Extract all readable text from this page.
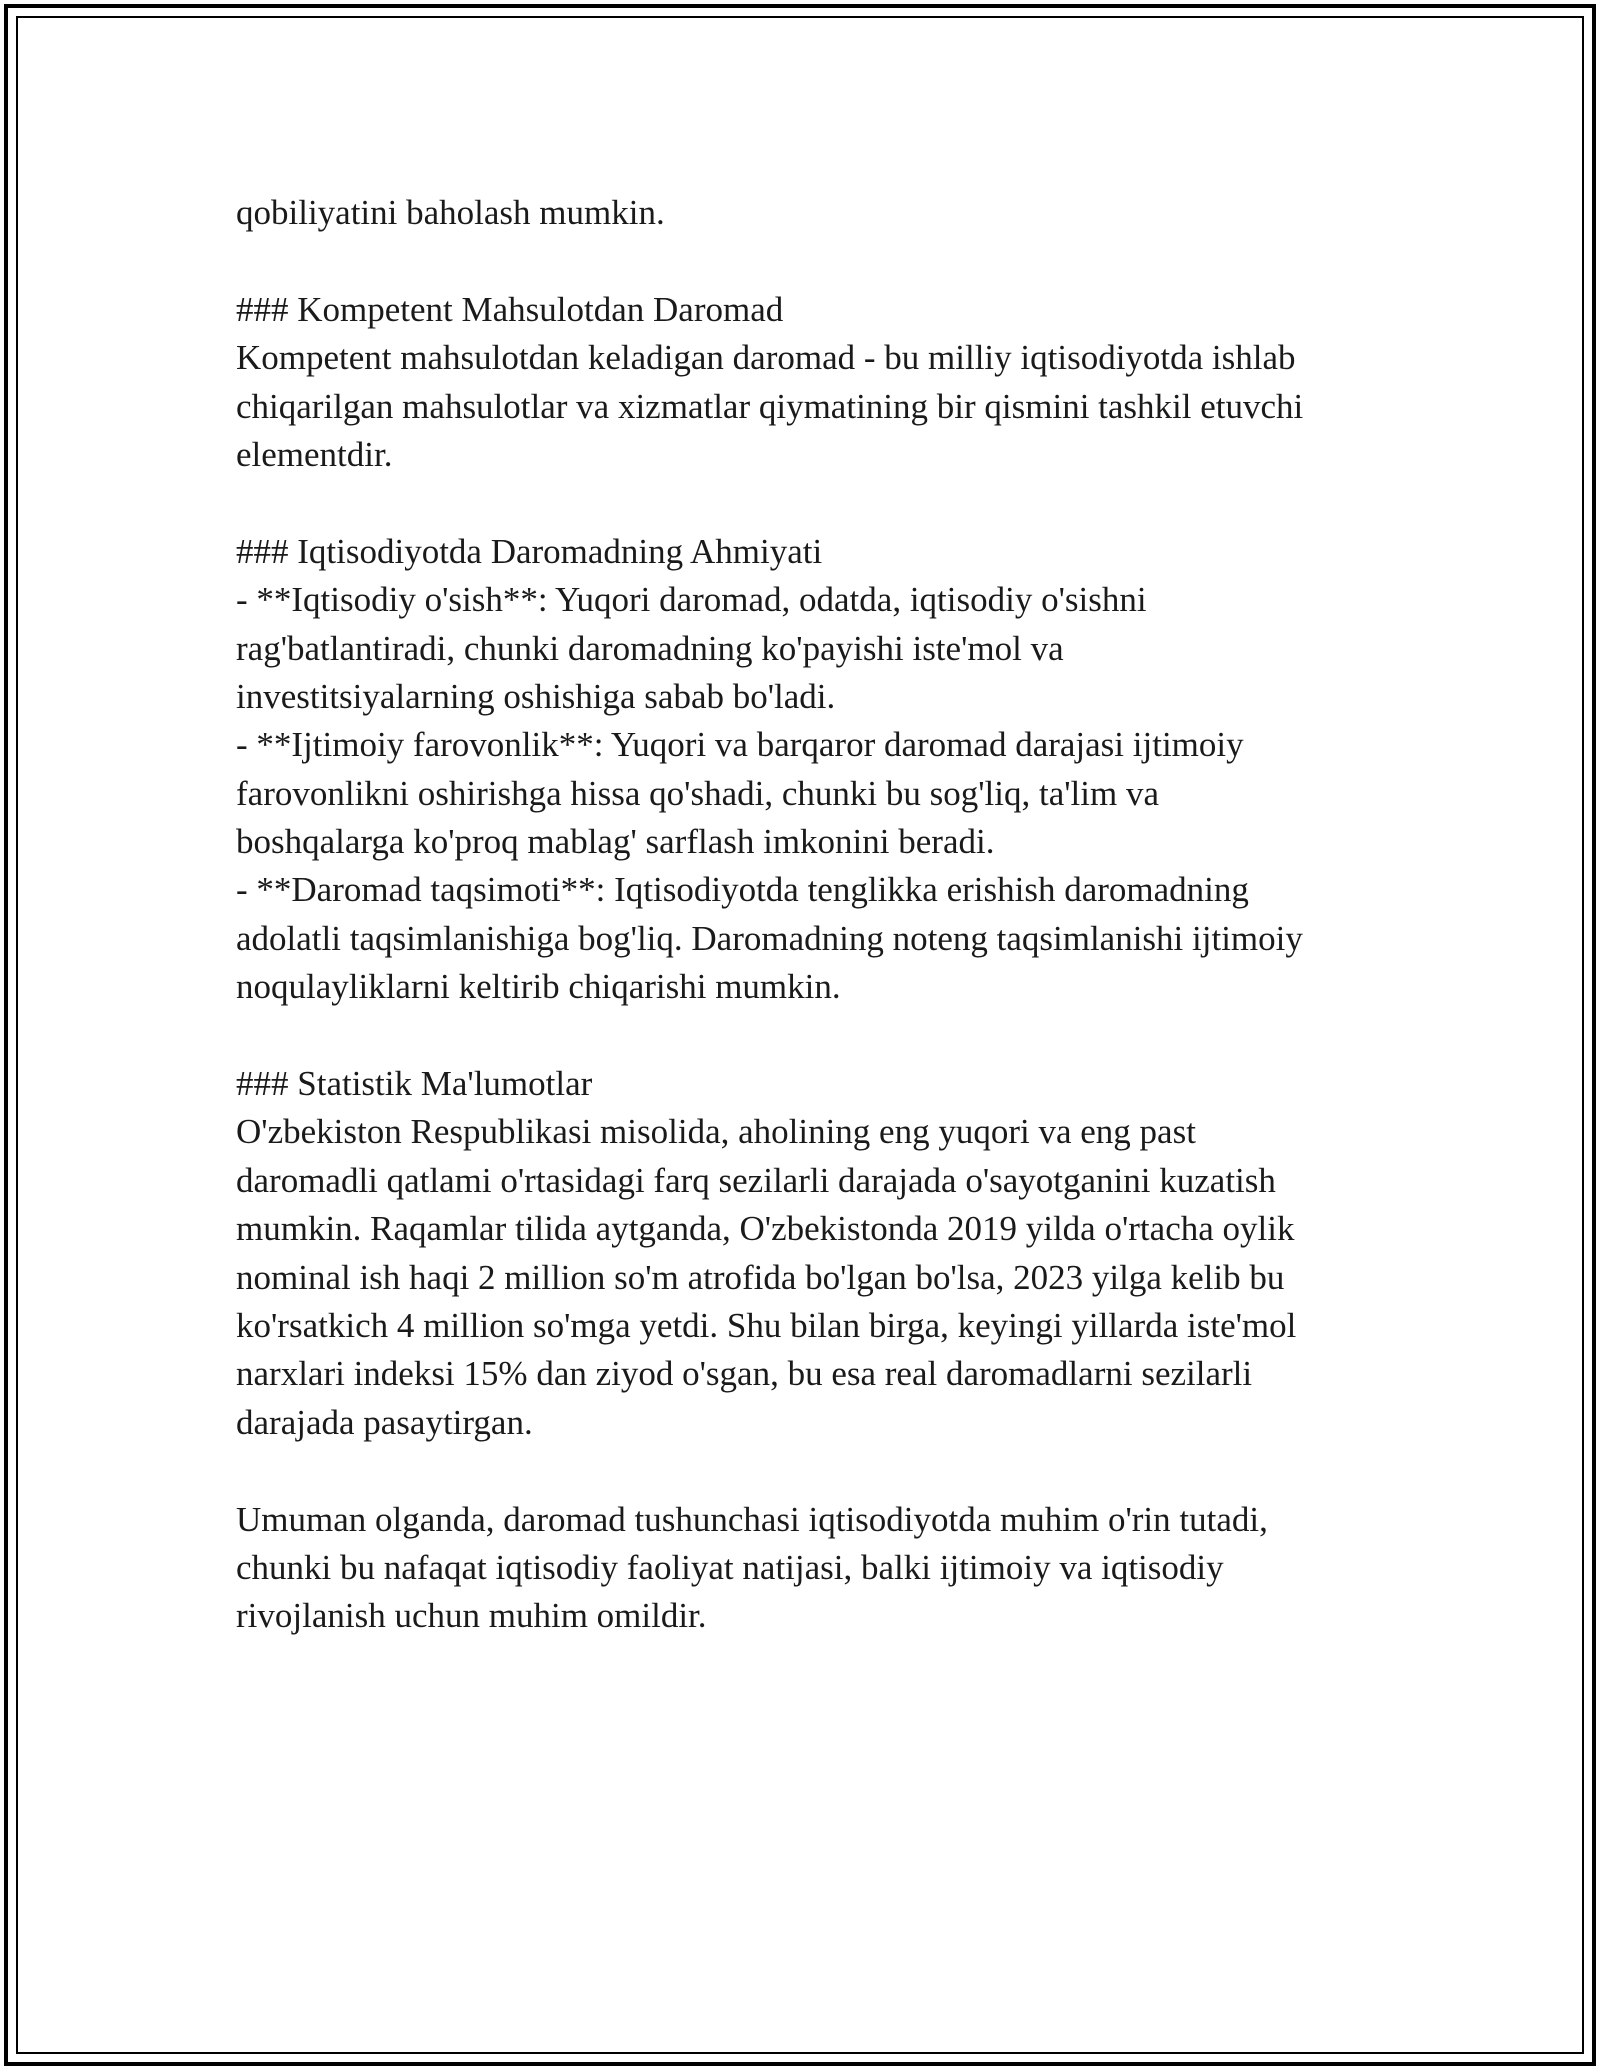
qobiliyatini baholash mumkin.
### Kompetent Mahsulotdan Daromad
Kompetent mahsulotdan keladigan daromad - bu milliy iqtisodiyotda ishlab
chiqarilgan mahsulotlar va xizmatlar qiymatining bir qismini tashkil etuvchi
elementdir.
### Iqtisodiyotda Daromadning Ahmiyati
- **Iqtisodiy o'sish**: Yuqori daromad, odatda, iqtisodiy o'sishni
rag'batlantiradi, chunki daromadning ko'payishi iste'mol va
investitsiyalarning oshishiga sabab bo'ladi.
- **Ijtimoiy farovonlik**: Yuqori va barqaror daromad darajasi ijtimoiy
farovonlikni oshirishga hissa qo'shadi, chunki bu sog'liq, ta'lim va
boshqalarga ko'proq mablag' sarflash imkonini beradi.
- **Daromad taqsimoti**: Iqtisodiyotda tenglikka erishish daromadning
adolatli taqsimlanishiga bog'liq. Daromadning noteng taqsimlanishi ijtimoiy
noqulayliklarni keltirib chiqarishi mumkin.
### Statistik Ma'lumotlar
O'zbekiston Respublikasi misolida, aholining eng yuqori va eng past
daromadli qatlami o'rtasidagi farq sezilarli darajada o'sayotganini kuzatish
mumkin. Raqamlar tilida aytganda, O'zbekistonda 2019 yilda o'rtacha oylik
nominal ish haqi 2 million so'm atrofida bo'lgan bo'lsa, 2023 yilga kelib bu
ko'rsatkich 4 million so'mga yetdi. Shu bilan birga, keyingi yillarda iste'mol
narxlari indeksi 15% dan ziyod o'sgan, bu esa real daromadlarni sezilarli
darajada pasaytirgan.
Umuman olganda, daromad tushunchasi iqtisodiyotda muhim o'rin tutadi,
chunki bu nafaqat iqtisodiy faoliyat natijasi, balki ijtimoiy va iqtisodiy
rivojlanish uchun muhim omildir.
